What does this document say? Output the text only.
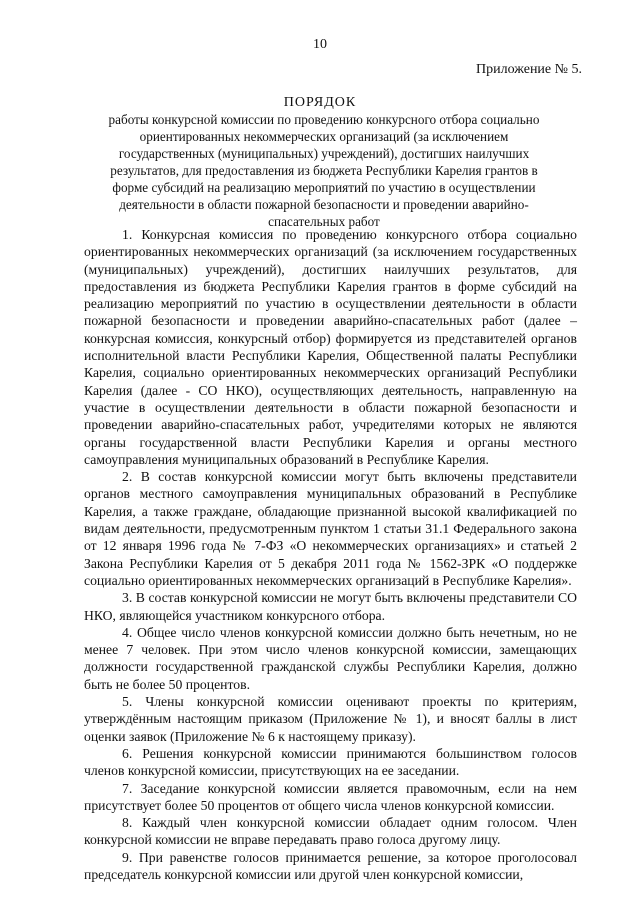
10
Приложение № 5.
ПОРЯДОК
работы конкурсной комиссии по проведению конкурсного отбора социально ориентированных некоммерческих организаций (за исключением государственных (муниципальных) учреждений), достигших наилучших результатов, для предоставления из бюджета Республики Карелия грантов в форме субсидий на реализацию мероприятий по участию в осуществлении деятельности в области пожарной безопасности и проведении аварийно-спасательных работ

1. Конкурсная комиссия по проведению конкурсного отбора социально ориентированных некоммерческих организаций (за исключением государственных (муниципальных) учреждений), достигших наилучших результатов, для предоставления из бюджета Республики Карелия грантов в форме субсидий на реализацию мероприятий по участию в осуществлении деятельности в области пожарной безопасности и проведении аварийно-спасательных работ (далее – конкурсная комиссия, конкурсный отбор) формируется из представителей органов исполнительной власти Республики Карелия, Общественной палаты Республики Карелия, социально ориентированных некоммерческих организаций Республики Карелия (далее - СО НКО), осуществляющих деятельность, направленную на участие в осуществлении деятельности в области пожарной безопасности и проведении аварийно-спасательных работ, учредителями которых не являются органы государственной власти Республики Карелия и органы местного самоуправления муниципальных образований в Республике Карелия.

2. В состав конкурсной комиссии могут быть включены представители органов местного самоуправления муниципальных образований в Республике Карелия, а также граждане, обладающие признанной высокой квалификацией по видам деятельности, предусмотренным пунктом 1 статьи 31.1 Федерального закона от 12 января 1996 года № 7-ФЗ «О некоммерческих организациях» и статьей 2 Закона Республики Карелия от 5 декабря 2011 года № 1562-ЗРК «О поддержке социально ориентированных некоммерческих организаций в Республике Карелия».

3. В состав конкурсной комиссии не могут быть включены представители СО НКО, являющейся участником конкурсного отбора.

4. Общее число членов конкурсной комиссии должно быть нечетным, но не менее 7 человек. При этом число членов конкурсной комиссии, замещающих должности государственной гражданской службы Республики Карелия, должно быть не более 50 процентов.

5. Члены конкурсной комиссии оценивают проекты по критериям, утверждённым настоящим приказом (Приложение № 1), и вносят баллы в лист оценки заявок (Приложение № 6 к настоящему приказу).

6. Решения конкурсной комиссии принимаются большинством голосов членов конкурсной комиссии, присутствующих на ее заседании.

7. Заседание конкурсной комиссии является правомочным, если на нем присутствует более 50 процентов от общего числа членов конкурсной комиссии.

8. Каждый член конкурсной комиссии обладает одним голосом. Член конкурсной комиссии не вправе передавать право голоса другому лицу.

9. При равенстве голосов принимается решение, за которое проголосовал председатель конкурсной комиссии или другой член конкурсной комиссии,
